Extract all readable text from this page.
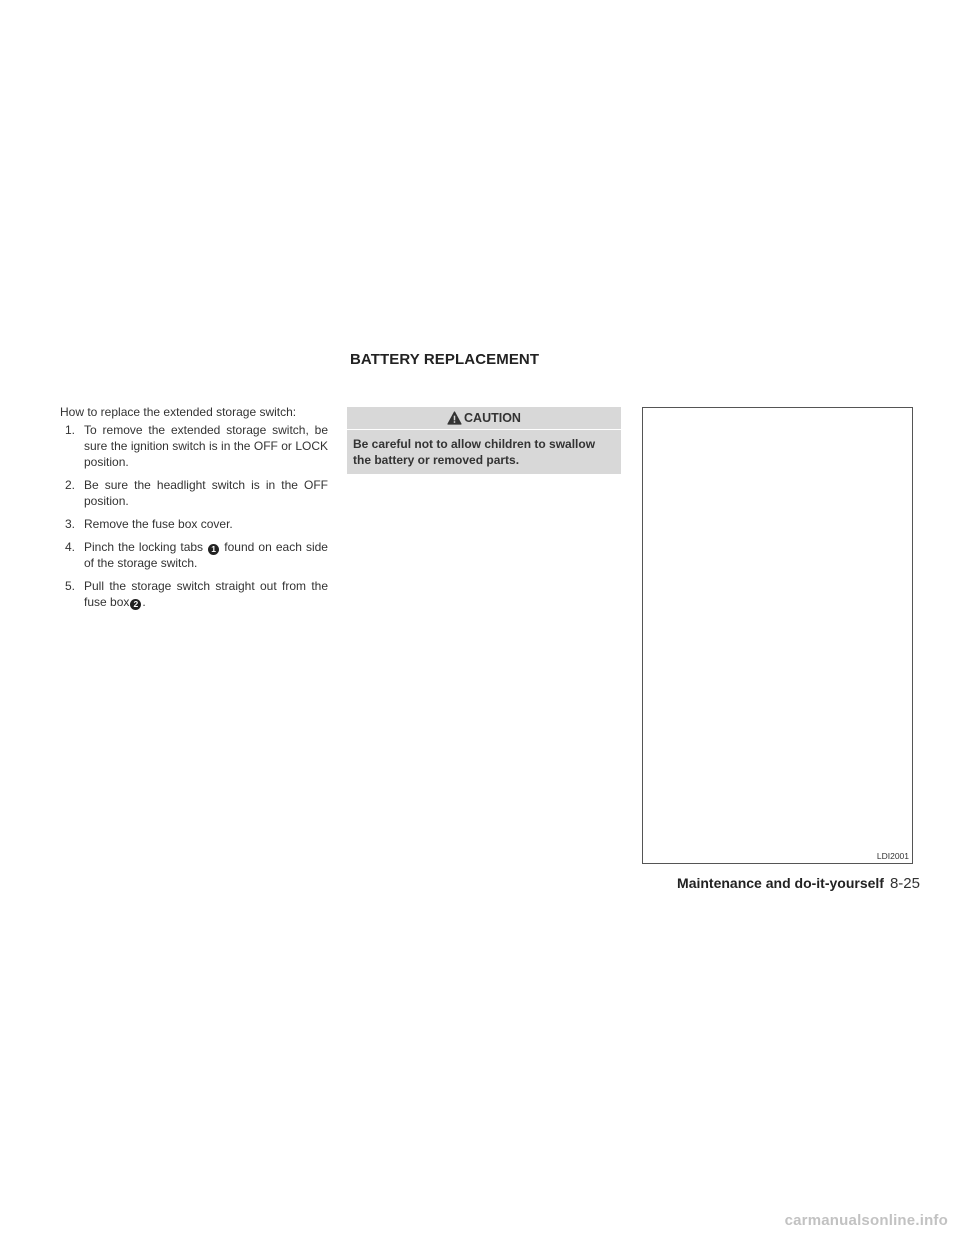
BATTERY REPLACEMENT

How to replace the extended storage switch:

1. To remove the extended storage switch, be sure the ignition switch is in the OFF or LOCK position.
2. Be sure the headlight switch is in the OFF position.
3. Remove the fuse box cover.
4. Pinch the locking tabs 1 found on each side of the storage switch.
5. Pull the storage switch straight out from the fuse box 2 .
CAUTION
Be careful not to allow children to swallow the battery or removed parts.
LDI2001
Maintenance and do-it-yourself 8-25
carmanualsonline.info
